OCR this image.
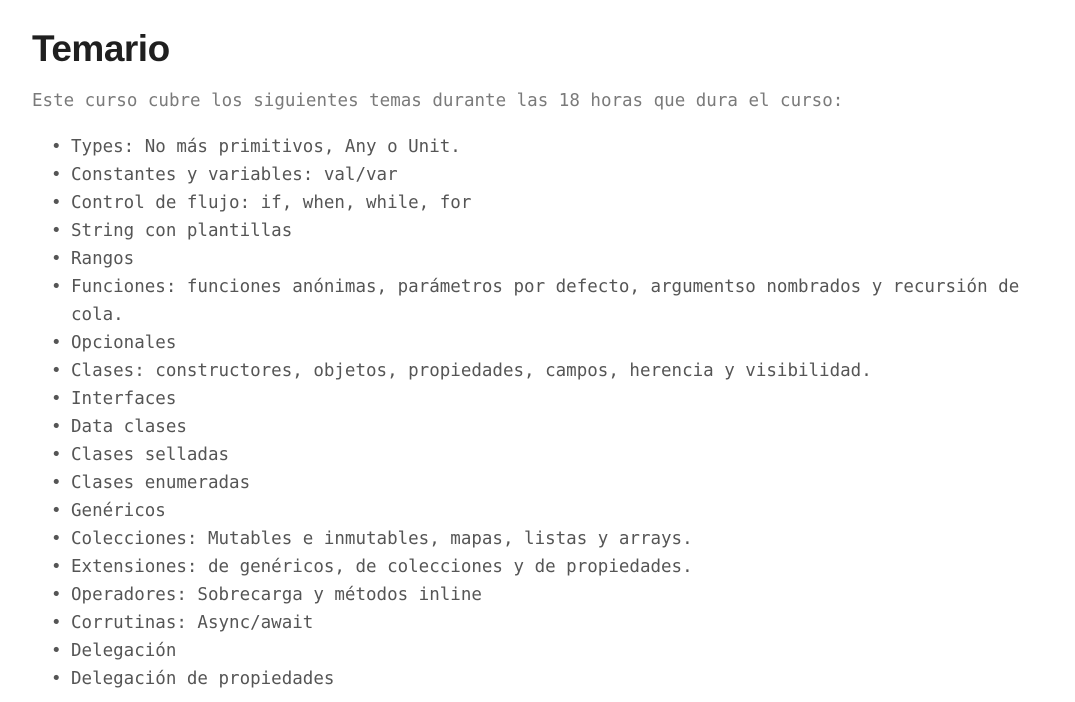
Temario

Este curso cubre los siguientes temas durante las 18 horas que dura el curso:

• Types: No más primitivos, Any o Unit.
• Constantes y variables: val/var
• Control de flujo: if, when, while, for
• String con plantillas
• Rangos
• Funciones: funciones anónimas, parámetros por defecto, argumentso nombrados y recursión de cola.
• Opcionales
• Clases: constructores, objetos, propiedades, campos, herencia y visibilidad.
• Interfaces
• Data clases
• Clases selladas
• Clases enumeradas
• Genéricos
• Colecciones: Mutables e inmutables, mapas, listas y arrays.
• Extensiones: de genéricos, de colecciones y de propiedades.
• Operadores: Sobrecarga y métodos inline
• Corrutinas: Async/await
• Delegación
• Delegación de propiedades
